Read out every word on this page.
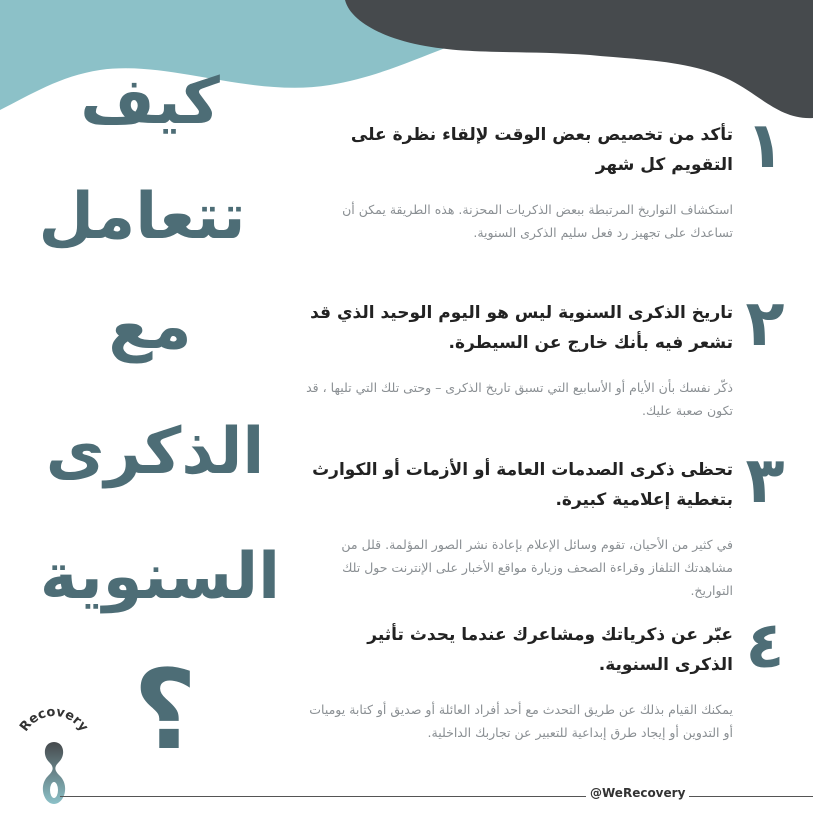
كيف
تتعامل
مع
الذكرى
السنوية
؟
١
تأكد من تخصيص بعض الوقت لإلقاء نظرة على التقويم كل شهر
استكشاف التواريخ المرتبطة ببعض الذكريات المحزنة. هذه الطريقة يمكن أن تساعدك على تجهيز رد فعل سليم الذكرى السنوية.
٢
تاريخ الذكرى السنوية ليس هو اليوم الوحيد الذي قد تشعر فيه بأنك خارج عن السيطرة.
ذكّر نفسك بأن الأيام أو الأسابيع التي تسبق تاريخ الذكرى – وحتى تلك التي تليها ، قد تكون صعبة عليك.
٣
تحظى ذكرى الصدمات العامة أو الأزمات أو الكوارث بتغطية إعلامية كبيرة.
في كثير من الأحيان، تقوم وسائل الإعلام بإعادة نشر الصور المؤلمة. قلل من مشاهدتك التلفاز وقراءة الصحف وزيارة مواقع الأخبار على الإنترنت حول تلك التواريخ.
٤
عبّر عن ذكرياتك ومشاعرك عندما يحدث تأثير الذكرى السنوية.
يمكنك القيام بذلك عن طريق التحدث مع أحد أفراد العائلة أو صديق أو كتابة يوميات أو التدوين أو إيجاد طرق إبداعية للتعبير عن تجاربك الداخلية.
Recovery
@WeRecovery
